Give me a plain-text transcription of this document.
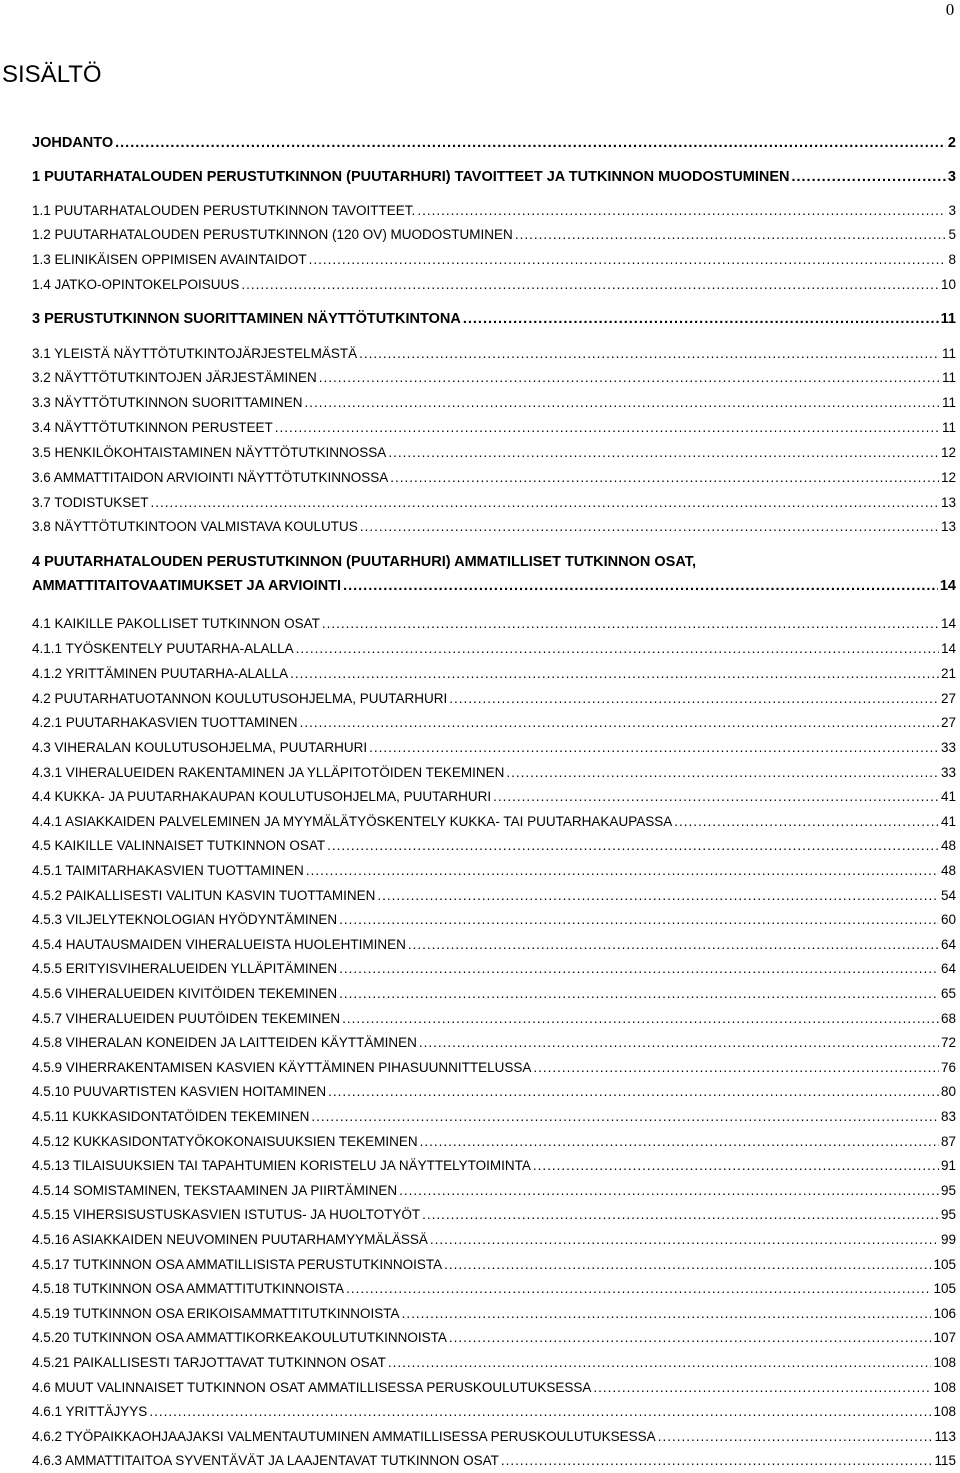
0
SISÄLTÖ
JOHDANTO .....	2
1 PUUTARHATALOUDEN PERUSTUTKINNON (PUUTARHURI) TAVOITTEET JA TUTKINNON MUODOSTUMINEN .....	3
1.1 PUUTARHATALOUDEN PERUSTUTKINNON TAVOITTEET. .....	3
1.2 PUUTARHATALOUDEN PERUSTUTKINNON (120 OV) MUODOSTUMINEN .....	5
1.3 ELINIKÄISEN OPPIMISEN AVAINTAIDOT .....	8
1.4 JATKO-OPINTOKELPOISUUS .....	10
3 PERUSTUTKINNON SUORITTAMINEN NÄYTTÖTUTKINTONA .....	11
3.1 YLEISTÄ NÄYTTÖTUTKINTOJÄRJESTELMÄSTÄ .....	11
3.2 NÄYTTÖTUTKINTOJEN JÄRJESTÄMINEN .....	11
3.3 NÄYTTÖTUTKINNON SUORITTAMINEN .....	11
3.4 NÄYTTÖTUTKINNON PERUSTEET .....	11
3.5 HENKILÖKOHTAISTAMINEN NÄYTTÖTUTKINNOSSA .....	12
3.6 AMMATTITAIDON ARVIOINTI NÄYTTÖTUTKINNOSSA .....	12
3.7 TODISTUKSET .....	13
3.8 NÄYTTÖTUTKINTOON VALMISTAVA KOULUTUS .....	13
4 PUUTARHATALOUDEN PERUSTUTKINNON (PUUTARHURI) AMMATILLISET TUTKINNON OSAT,
AMMATTITAITOVAATIMUKSET JA ARVIOINTI .....	14
4.1 KAIKILLE PAKOLLISET TUTKINNON OSAT .....	14
4.1.1 TYÖSKENTELY PUUTARHA-ALALLA .....	14
4.1.2 YRITTÄMINEN PUUTARHA-ALALLA .....	21
4.2 PUUTARHATUOTANNON KOULUTUSOHJELMA, PUUTARHURI .....	27
4.2.1 PUUTARHAKASVIEN TUOTTAMINEN .....	27
4.3 VIHERALAN KOULUTUSOHJELMA, PUUTARHURI .....	33
4.3.1 VIHERALUEIDEN RAKENTAMINEN JA YLLÄPITOTÖIDEN TEKEMINEN .....	33
4.4 KUKKA- JA PUUTARHAKAUPAN KOULUTUSOHJELMA, PUUTARHURI .....	41
4.4.1 ASIAKKAIDEN PALVELEMINEN JA MYYMÄLÄTYÖSKENTELY KUKKA- TAI PUUTARHAKAUPASSA .....	41
4.5 KAIKILLE VALINNAISET TUTKINNON OSAT .....	48
4.5.1 TAIMITARHAKASVIEN TUOTTAMINEN .....	48
4.5.2 PAIKALLISESTI VALITUN KASVIN TUOTTAMINEN .....	54
4.5.3 VILJELYTEKNOLOGIAN HYÖDYNTÄMINEN .....	60
4.5.4 HAUTAUSMAIDEN VIHERALUEISTA HUOLEHTIMINEN .....	64
4.5.5 ERITYISVIHERALUEIDEN YLLÄPITÄMINEN .....	64
4.5.6 VIHERALUEIDEN KIVITÖIDEN TEKEMINEN .....	65
4.5.7 VIHERALUEIDEN PUUTÖIDEN TEKEMINEN .....	68
4.5.8 VIHERALAN KONEIDEN JA LAITTEIDEN KÄYTTÄMINEN .....	72
4.5.9 VIHERRAKENTAMISEN KASVIEN KÄYTTÄMINEN PIHASUUNNITTELUSSA .....	76
4.5.10 PUUVARTISTEN KASVIEN HOITAMINEN .....	80
4.5.11 KUKKASIDONTATÖIDEN TEKEMINEN .....	83
4.5.12 KUKKASIDONTATYÖKOKONAISUUKSIEN TEKEMINEN .....	87
4.5.13 TILAISUUKSIEN TAI TAPAHTUMIEN KORISTELU JA NÄYTTELYTOIMINTA .....	91
4.5.14 SOMISTAMINEN, TEKSTAAMINEN JA PIIRTÄMINEN .....	95
4.5.15 VIHERSISUSTUSKASVIEN ISTUTUS- JA HUOLTOTYÖT .....	95
4.5.16 ASIAKKAIDEN NEUVOMINEN PUUTARHAMYYMÄLÄSSÄ .....	99
4.5.17 TUTKINNON OSA AMMATILLISISTA PERUSTUTKINNOISTA .....	105
4.5.18 TUTKINNON OSA AMMATTITUTKINNOISTA .....	105
4.5.19 TUTKINNON OSA ERIKOISAMMATTITUTKINNOISTA .....	106
4.5.20 TUTKINNON OSA AMMATTIKORKEAKOULUTUTKINNOISTA .....	107
4.5.21 PAIKALLISESTI TARJOTTAVAT TUTKINNON OSAT .....	108
4.6 MUUT VALINNAISET TUTKINNON OSAT AMMATILLISESSA PERUSKOULUTUKSESSA .....	108
4.6.1 YRITTÄJYYS .....	108
4.6.2 TYÖPAIKKAOHJAAJAKSI VALMENTAUTUMINEN AMMATILLISESSA PERUSKOULUTUKSESSA .....	113
4.6.3 AMMATTITAITOA SYVENTÄVÄT JA LAAJENTAVAT TUTKINNON OSAT .....	115
